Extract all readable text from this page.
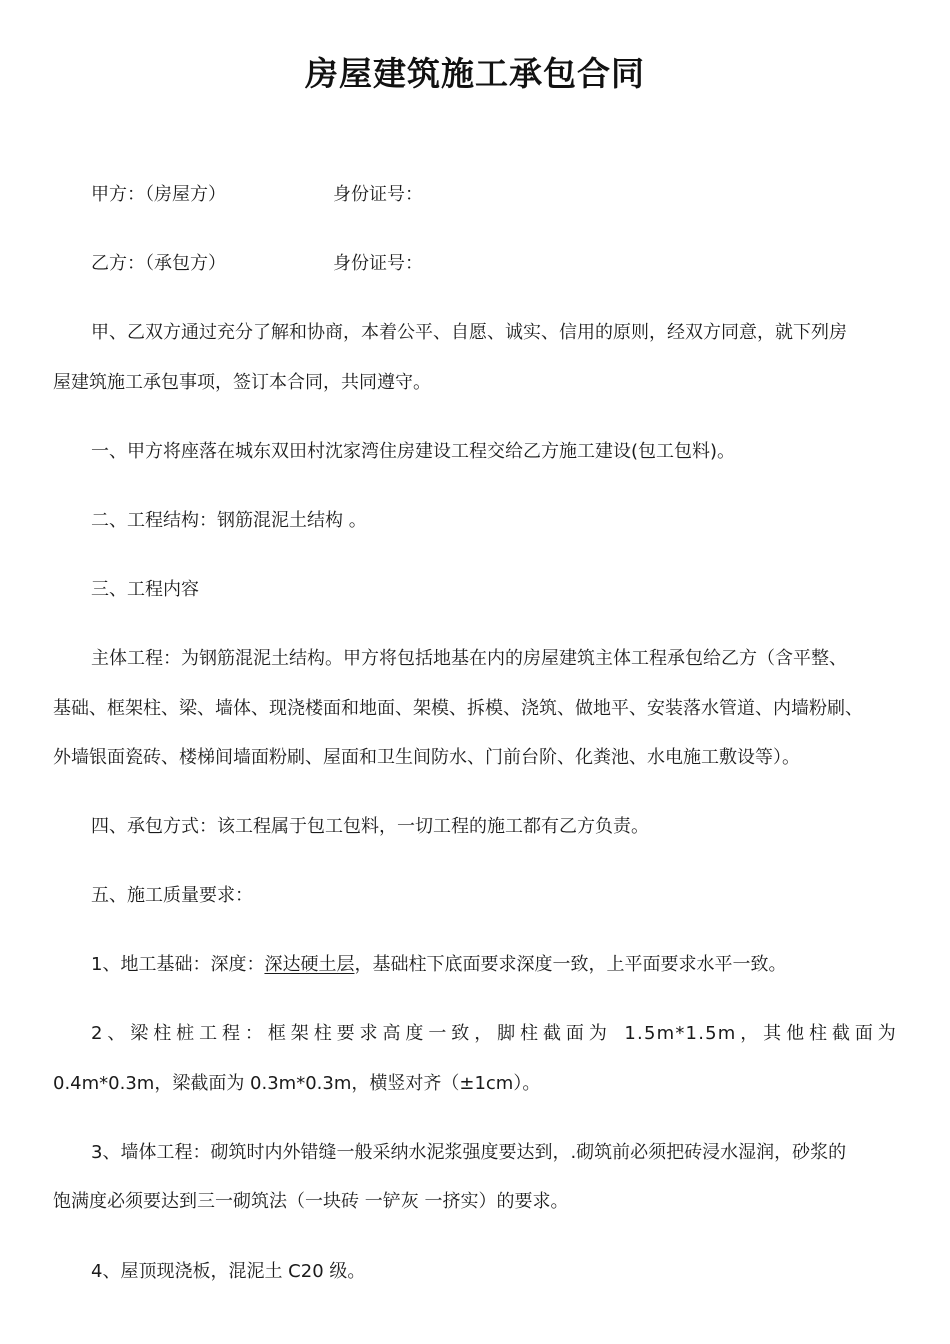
房屋建筑施工承包合同
甲方：（房屋方）	身份证号：
乙方：（承包方）	身份证号：
甲、乙双方通过充分了解和协商，本着公平、自愿、诚实、信用的原则，经双方同意，就下列房
屋建筑施工承包事项，签订本合同，共同遵守。
一、甲方将座落在城东双田村沈家湾住房建设工程交给乙方施工建设(包工包料)。
二、工程结构：钢筋混泥土结构 。
三、工程内容
主体工程：为钢筋混泥土结构。甲方将包括地基在内的房屋建筑主体工程承包给乙方（含平整、
基础、框架柱、梁、墙体、现浇楼面和地面、架模、拆模、浇筑、做地平、安装落水管道、内墙粉刷、
外墙银面瓷砖、楼梯间墙面粉刷、屋面和卫生间防水、门前台阶、化粪池、水电施工敷设等）。
四、承包方式：该工程属于包工包料，一切工程的施工都有乙方负责。
五、施工质量要求：
1、地工基础：深度：深达硬土层，基础柱下底面要求深度一致，上平面要求水平一致。
2、梁柱桩工程：框架柱要求高度一致，脚柱截面为 1.5m*1.5m，其他柱截面为
0.4m*0.3m，梁截面为 0.3m*0.3m，横竖对齐（±1cm）。
3、墙体工程：砌筑时内外错缝一般采纳水泥浆强度要达到，.砌筑前必须把砖浸水湿润，砂浆的
饱满度必须要达到三一砌筑法（一块砖 一铲灰 一挤实）的要求。
4、屋顶现浇板，混泥土 C20 级。
